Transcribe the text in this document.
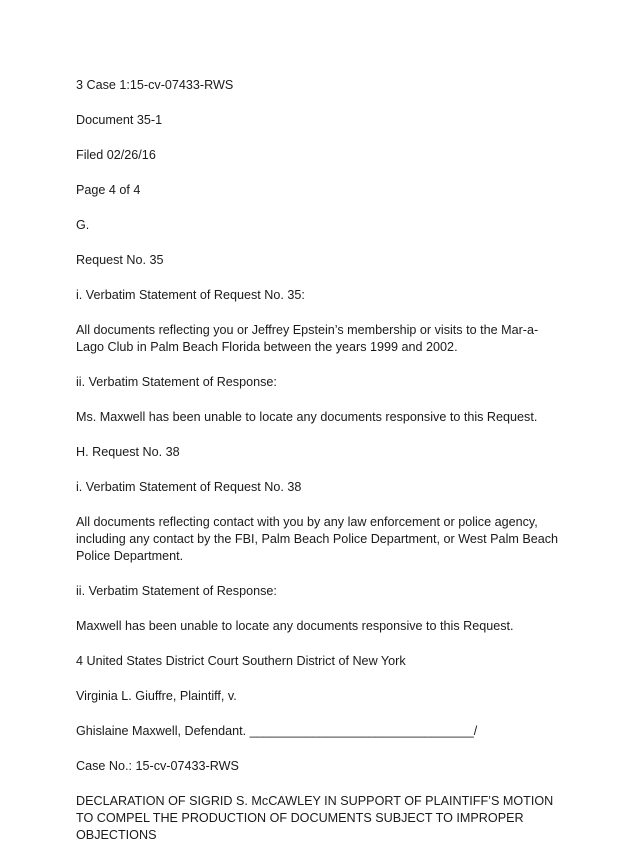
3 Case 1:15-cv-07433-RWS

Document 35-1

Filed 02/26/16

Page 4 of 4

G.

Request No. 35

i. Verbatim Statement of Request No. 35:

All documents reflecting you or Jeffrey Epstein’s membership or visits to the Mar-a-Lago Club in Palm Beach Florida between the years 1999 and 2002.

ii. Verbatim Statement of Response:

Ms. Maxwell has been unable to locate any documents responsive to this Request.

H. Request No. 38

i. Verbatim Statement of Request No. 38

All documents reflecting contact with you by any law enforcement or police agency, including any contact by the FBI, Palm Beach Police Department, or West Palm Beach Police Department.

ii. Verbatim Statement of Response:

Maxwell has been unable to locate any documents responsive to this Request.

4 United States District Court Southern District of New York

Virginia L. Giuffre, Plaintiff, v.

Ghislaine Maxwell, Defendant. ________________________________/

Case No.: 15-cv-07433-RWS

DECLARATION OF SIGRID S. McCAWLEY IN SUPPORT OF PLAINTIFF’S MOTION TO COMPEL THE PRODUCTION OF DOCUMENTS SUBJECT TO IMPROPER OBJECTIONS
